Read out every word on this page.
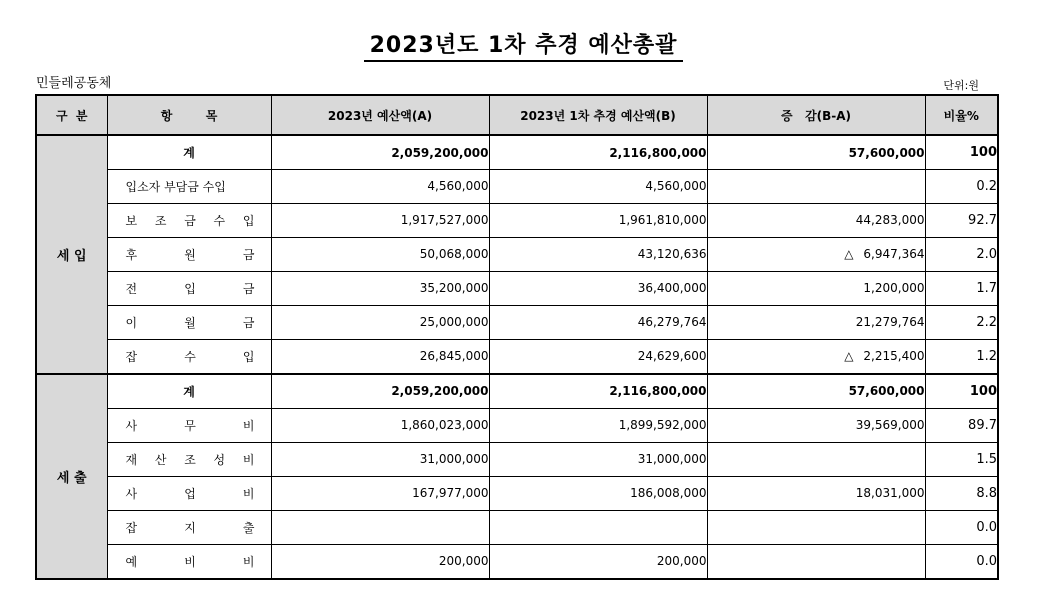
2023년도 1차 추경 예산총괄
민들레공동체	단위:원
구  분	항        목	2023년 예산액(A)	2023년 1차 추경 예산액(B)	증   감(B-A)	비율%
세 입	계	2,059,200,000	2,116,800,000	57,600,000	100

	입소자 부담금 수입	4,560,000	4,560,000		0.2

	보 조 금 수 입	1,917,527,000	1,961,810,000	44,283,000	92.7

	후 원 금	50,068,000	43,120,636	△ 6,947,364	2.0

	전 입 금	35,200,000	36,400,000	1,200,000	1.7

	이 월 금	25,000,000	46,279,764	21,279,764	2.2

	잡 수 입	26,845,000	24,629,600	△ 2,215,400	1.2
세 출	계	2,059,200,000	2,116,800,000	57,600,000	100

	사 무 비	1,860,023,000	1,899,592,000	39,569,000	89.7

	재 산 조 성 비	31,000,000	31,000,000		1.5

	사 업 비	167,977,000	186,008,000	18,031,000	8.8

	잡 지 출				0.0

	예 비 비	200,000	200,000		0.0
